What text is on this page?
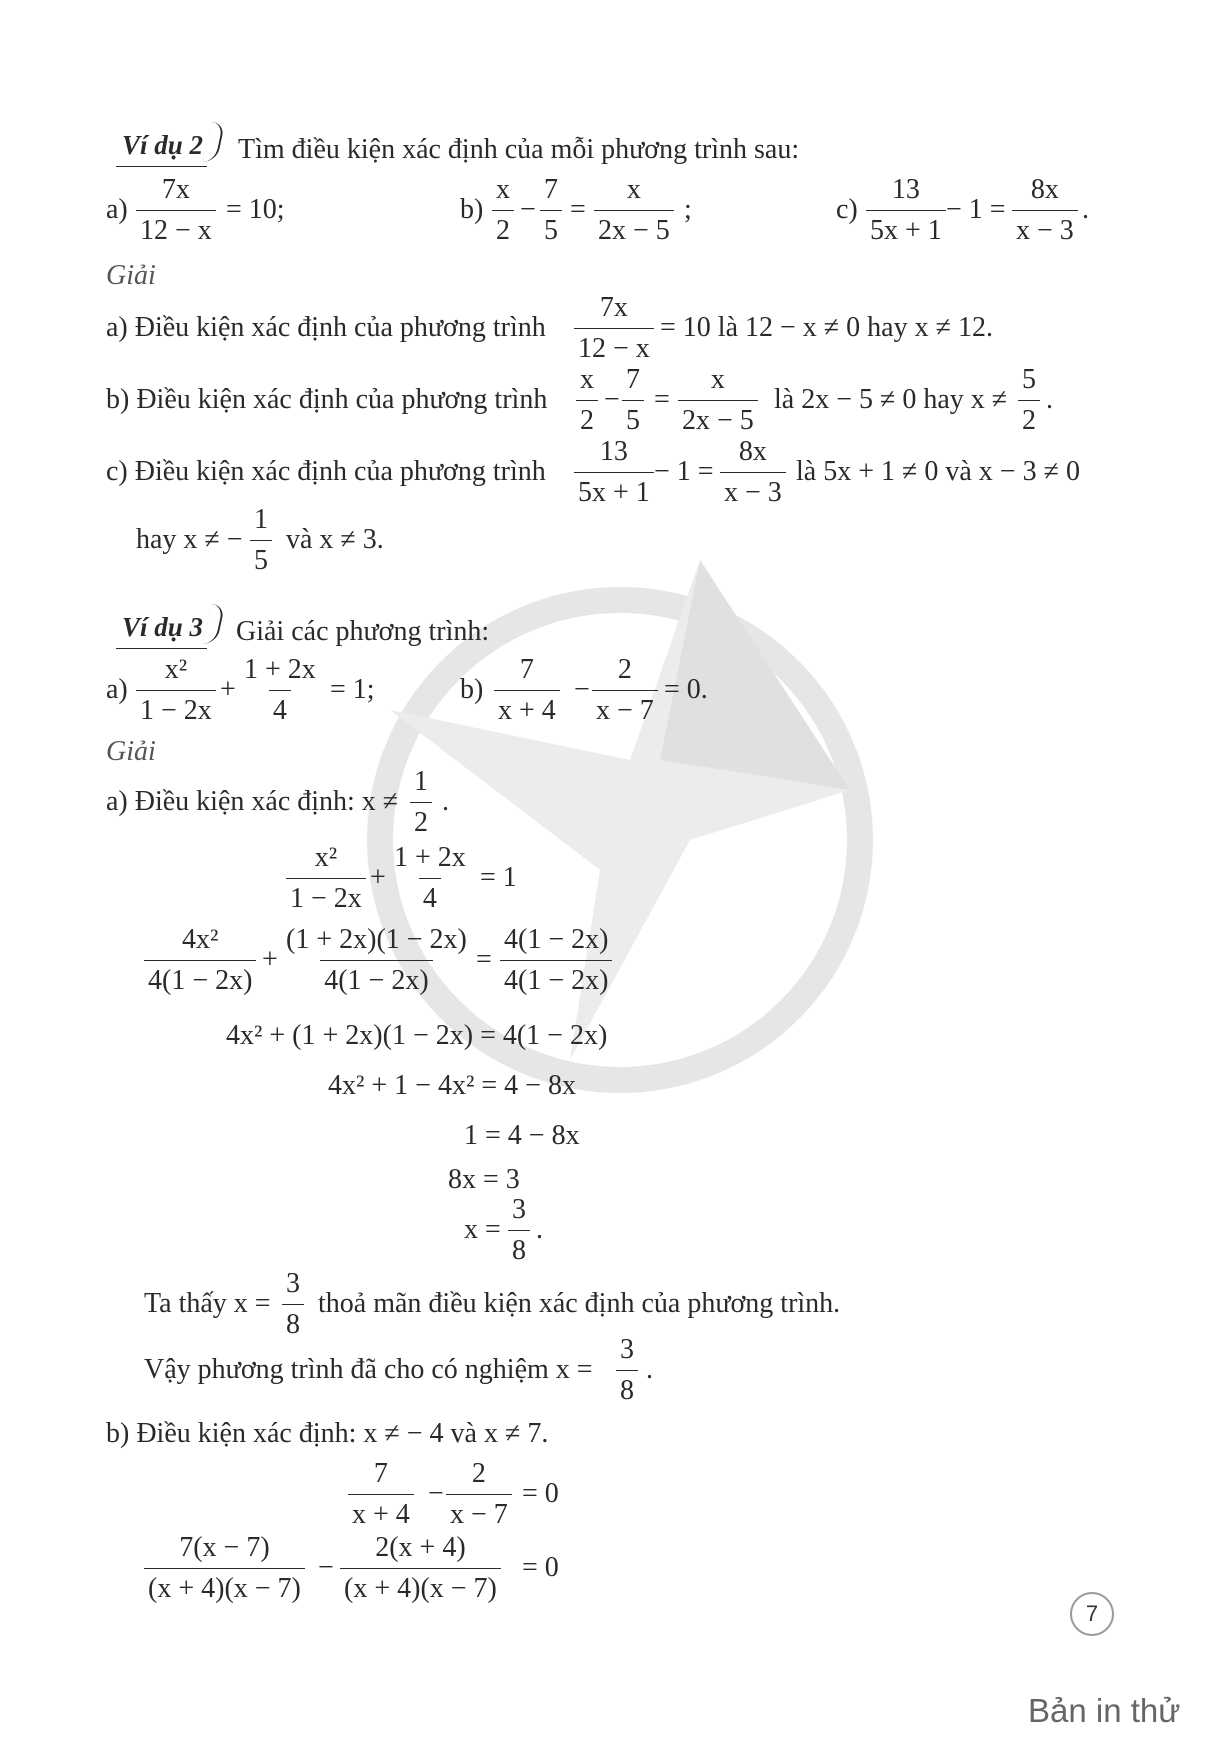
Ví dụ 2 Tìm điều kiện xác định của mỗi phương trình sau:
$a) \frac{7x}{12 - x} = 10$;	$b) \frac{x}{2} - \frac{7}{5} = \frac{x}{2x - 5}$ ;	$c) \frac{13}{5x + 1} - 1 = \frac{8x}{x - 3}$ .
Giải
a) Điều kiện xác định của phương trình $\frac{7x}{12 - x} = 10$ là 12 − x ≠ 0 hay x ≠ 12.
b) Điều kiện xác định của phương trình $\frac{x}{2} - \frac{7}{5} = \frac{x}{2x - 5}$ là 2x − 5 ≠ 0 hay $x \ne \frac{5}{2}$ .
c) Điều kiện xác định của phương trình $\frac{13}{5x + 1} - 1 = \frac{8x}{x - 3}$ là 5x + 1 ≠ 0 và x − 3 ≠ 0
hay x ≠ − $\frac{1}{5}$ và x ≠ 3.
Ví dụ 3 Giải các phương trình:
$a) \frac{\text{x²}}{1 - 2x} + \frac{1 + 2x}{4} = 1$;	$b) \frac{7}{x + 4} - \frac{2}{x - 7} = 0$.
Giải
a) Điều kiện xác định: $x \ne \frac{1}{2}$ .
$\frac{\text{x²}}{1 - 2x} + \frac{1 + 2x}{4} = 1$
$\frac{\text{4x²}}{4(1 - 2x)} + \frac{(1 + 2x)(1 - 2x)}{4(1 - 2x)} = \frac{4(1 - 2x)}{4(1 - 2x)}$
4x² + (1 + 2x)(1 − 2x) = 4(1 − 2x)
4x² + 1 − 4x² = 4 − 8x
1 = 4 − 8x
8x = 3
$x = \frac{3}{8}$ .
Ta thấy $x = \frac{3}{8}$ thoả mãn điều kiện xác định của phương trình.
Vậy phương trình đã cho có nghiệm $x = \frac{3}{8}$ .
b) Điều kiện xác định: x ≠ − 4 và x ≠ 7.
$\frac{7}{x + 4} - \frac{2}{x - 7} = 0$
$\frac{7(x - 7)}{(x + 4)(x - 7)} - \frac{2(x + 4)}{(x + 4)(x - 7)} = 0$
7
Bản in thử
